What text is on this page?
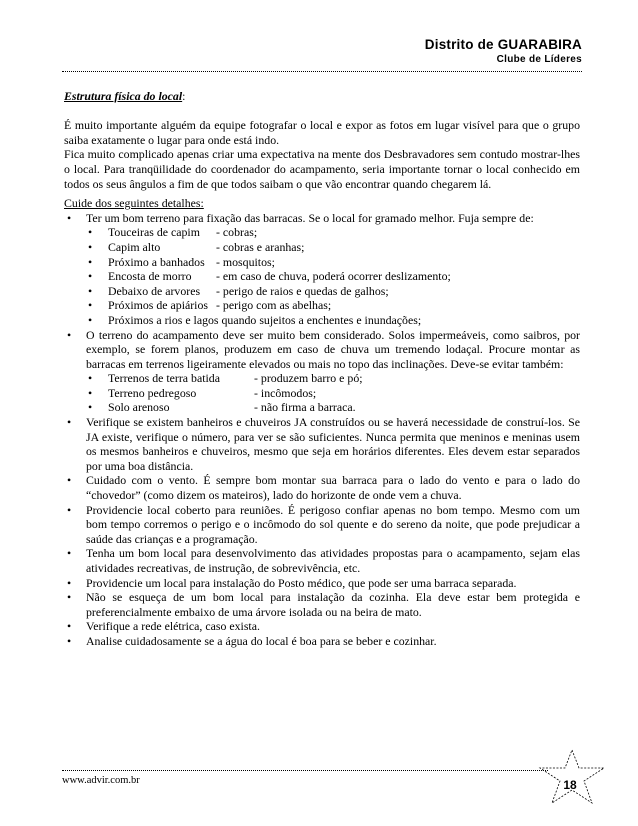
Distrito de GUARABIRA
Clube de Líderes

Estrutura física do local:

É muito importante alguém da equipe fotografar o local e expor as fotos em lugar visível para que o grupo saiba exatamente o lugar para onde está indo.

Fica muito complicado apenas criar uma expectativa na mente dos Desbravadores sem contudo mostrar-lhes o local. Para tranqüilidade do coordenador do acampamento, seria importante tornar o local conhecido em todos os seus ângulos a fim de que todos saibam o que vão encontrar quando chegarem lá.

Cuide dos seguintes detalhes:

• Ter um bom terreno para fixação das barracas. Se o local for gramado melhor. Fuja sempre de:
• Touceiras de capim - cobras;
• Capim alto	- cobras e aranhas;
• Próximo a banhados - mosquitos;
• Encosta de morro - em caso de chuva, poderá ocorrer deslizamento;
• Debaixo de arvores - perigo de raios e quedas de galhos;
• Próximos de apiários - perigo com as abelhas;
• Próximos a rios e lagos quando sujeitos a enchentes e inundações;
• O terreno do acampamento deve ser muito bem considerado. Solos impermeáveis, como saibros, por exemplo, se forem planos, produzem em caso de chuva um tremendo lodaçal. Procure montar as barracas em terrenos ligeiramente elevados ou mais no topo das inclinações. Deve-se evitar também:
• Terrenos de terra batida	- produzem barro e pó;
• Terreno pedregoso	- incômodos;
• Solo arenoso	- não firma a barraca.
• Verifique se existem banheiros e chuveiros JA construídos ou se haverá necessidade de construí-los. Se JA existe, verifique o número, para ver se são suficientes. Nunca permita que meninos e meninas usem os mesmos banheiros e chuveiros, mesmo que seja em horários diferentes. Eles devem estar separados por uma boa distância.
• Cuidado com o vento. É sempre bom montar sua barraca para o lado do vento e para o lado do “chovedor” (como dizem os mateiros), lado do horizonte de onde vem a chuva.
• Providencie local coberto para reuniões. É perigoso confiar apenas no bom tempo. Mesmo com um bom tempo corremos o perigo e o incômodo do sol quente e do sereno da noite, que pode prejudicar a saúde das crianças e a programação.
• Tenha um bom local para desenvolvimento das atividades propostas para o acampamento, sejam elas atividades recreativas, de instrução, de sobrevivência, etc.
• Providencie um local para instalação do Posto médico, que pode ser uma barraca separada.
• Não se esqueça de um bom local para instalação da cozinha. Ela deve estar bem protegida e preferencialmente embaixo de uma árvore isolada ou na beira de mato.
• Verifique a rede elétrica, caso exista.
• Analise cuidadosamente se a água do local é boa para se beber e cozinhar.
www.advir.com.br	18
